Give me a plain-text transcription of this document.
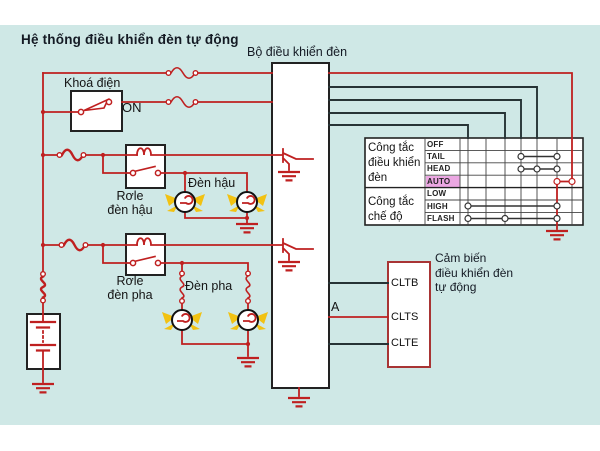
Hệ thống điều khiển đèn tự động
Bộ điều khiển đèn
Khoá điện
ON
Rơle
đèn hậu
Đèn hậu
Rơle
đèn pha
Đèn pha
Công tắc
điều khiển
đèn
Công tắc
chế độ
OFF
TAIL
HEAD
AUTO
LOW
HIGH
FLASH
Cảm biến
điều khiển đèn
tự động
CLTB
CLTS
CLTE
A
